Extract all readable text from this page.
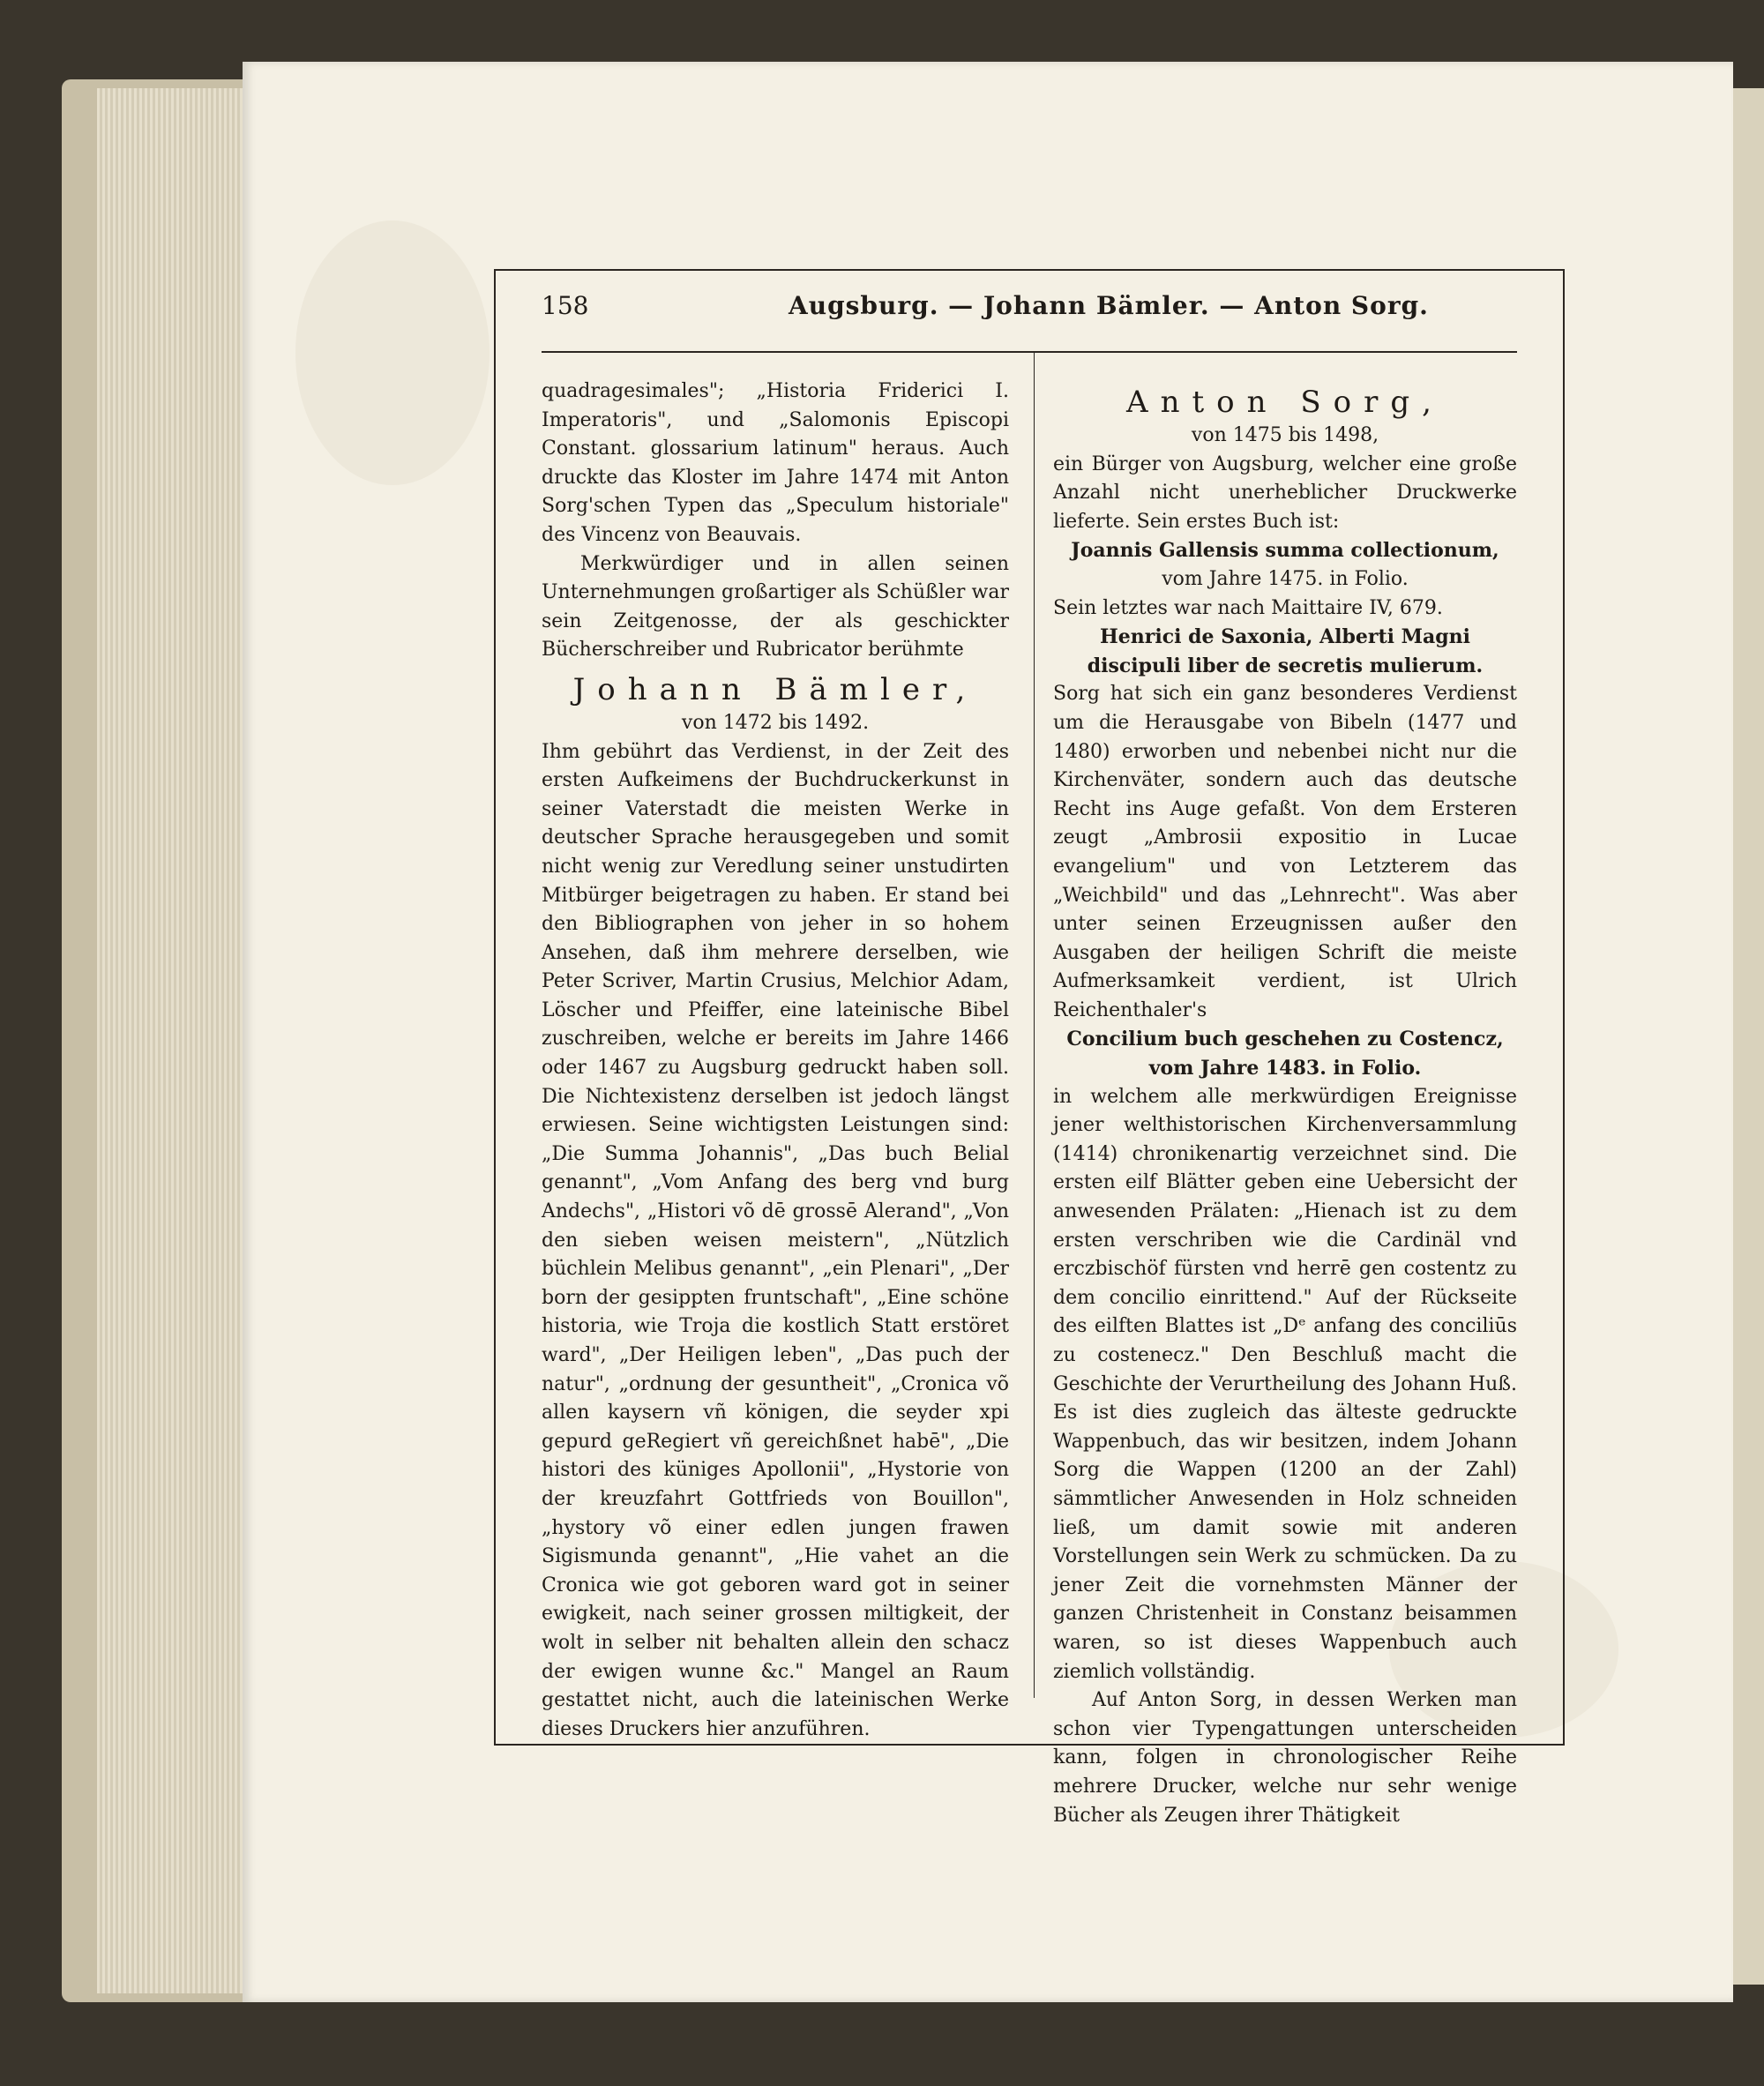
158	Augsburg. — Johann Bämler. — Anton Sorg.

quadragesimales"; „Historia Friderici I. Imperatoris", und „Salomonis Episcopi Constant. glossarium latinum" heraus. Auch druckte das Kloster im Jahre 1474 mit Anton Sorg'schen Typen das „Speculum historiale" des Vincenz von Beauvais.

Merkwürdiger und in allen seinen Unternehmungen großartiger als Schüßler war sein Zeitgenosse, der als geschickter Bücherschreiber und Rubricator berühmte

Johann Bämler,

von 1472 bis 1492.

Ihm gebührt das Verdienst, in der Zeit des ersten Aufkeimens der Buchdruckerkunst in seiner Vaterstadt die meisten Werke in deutscher Sprache herausgegeben und somit nicht wenig zur Veredlung seiner unstudirten Mitbürger beigetragen zu haben. Er stand bei den Bibliographen von jeher in so hohem Ansehen, daß ihm mehrere derselben, wie Peter Scriver, Martin Crusius, Melchior Adam, Löscher und Pfeiffer, eine lateinische Bibel zuschreiben, welche er bereits im Jahre 1466 oder 1467 zu Augsburg gedruckt haben soll. Die Nichtexistenz derselben ist jedoch längst erwiesen. Seine wichtigsten Leistungen sind: „Die Summa Johannis", „Das buch Belial genannt", „Vom Anfang des berg vnd burg Andechs", „Histori võ dē grossē Alerand", „Von den sieben weisen meistern", „Nützlich büchlein Melibus genannt", „ein Plenari", „Der born der gesippten fruntschaft", „Eine schöne historia, wie Troja die kostlich Statt erstöret ward", „Der Heiligen leben", „Das puch der natur", „ordnung der gesuntheit", „Cronica võ allen kaysern vñ königen, die seyder xpi gepurd geRegiert vñ gereichßnet habē", „Die histori des küniges Apollonii", „Hystorie von der kreuzfahrt Gottfrieds von Bouillon", „hystory võ einer edlen jungen frawen Sigismunda genannt", „Hie vahet an die Cronica wie got geboren ward got in seiner ewigkeit, nach seiner grossen miltigkeit, der wolt in selber nit behalten allein den schacz der ewigen wunne &c." Mangel an Raum gestattet nicht, auch die lateinischen Werke dieses Druckers hier anzuführen.

Anton Sorg,

von 1475 bis 1498,

ein Bürger von Augsburg, welcher eine große Anzahl nicht unerheblicher Druckwerke lieferte. Sein erstes Buch ist:

Joannis Gallensis summa collectionum,

vom Jahre 1475. in Folio.

Sein letztes war nach Maittaire IV, 679.

Henrici de Saxonia, Alberti Magni discipuli liber de secretis mulierum.

Sorg hat sich ein ganz besonderes Verdienst um die Herausgabe von Bibeln (1477 und 1480) erworben und nebenbei nicht nur die Kirchenväter, sondern auch das deutsche Recht ins Auge gefaßt. Von dem Ersteren zeugt „Ambrosii expositio in Lucae evangelium" und von Letzterem das „Weichbild" und das „Lehnrecht". Was aber unter seinen Erzeugnissen außer den Ausgaben der heiligen Schrift die meiste Aufmerksamkeit verdient, ist Ulrich Reichenthaler's

Concilium buch geschehen zu Costencz, vom Jahre 1483. in Folio.

in welchem alle merkwürdigen Ereignisse jener welthistorischen Kirchenversammlung (1414) chronikenartig verzeichnet sind. Die ersten eilf Blätter geben eine Uebersicht der anwesenden Prälaten: „Hienach ist zu dem ersten verschriben wie die Cardinäl vnd erczbischöf fürsten vnd herrē gen costentz zu dem concilio einrittend." Auf der Rückseite des eilften Blattes ist „Dᵉ anfang des conciliūs zu costenecz." Den Beschluß macht die Geschichte der Verurtheilung des Johann Huß. Es ist dies zugleich das älteste gedruckte Wappenbuch, das wir besitzen, indem Johann Sorg die Wappen (1200 an der Zahl) sämmtlicher Anwesenden in Holz schneiden ließ, um damit sowie mit anderen Vorstellungen sein Werk zu schmücken. Da zu jener Zeit die vornehmsten Männer der ganzen Christenheit in Constanz beisammen waren, so ist dieses Wappenbuch auch ziemlich vollständig.

Auf Anton Sorg, in dessen Werken man schon vier Typengattungen unterscheiden kann, folgen in chronologischer Reihe mehrere Drucker, welche nur sehr wenige Bücher als Zeugen ihrer Thätigkeit
